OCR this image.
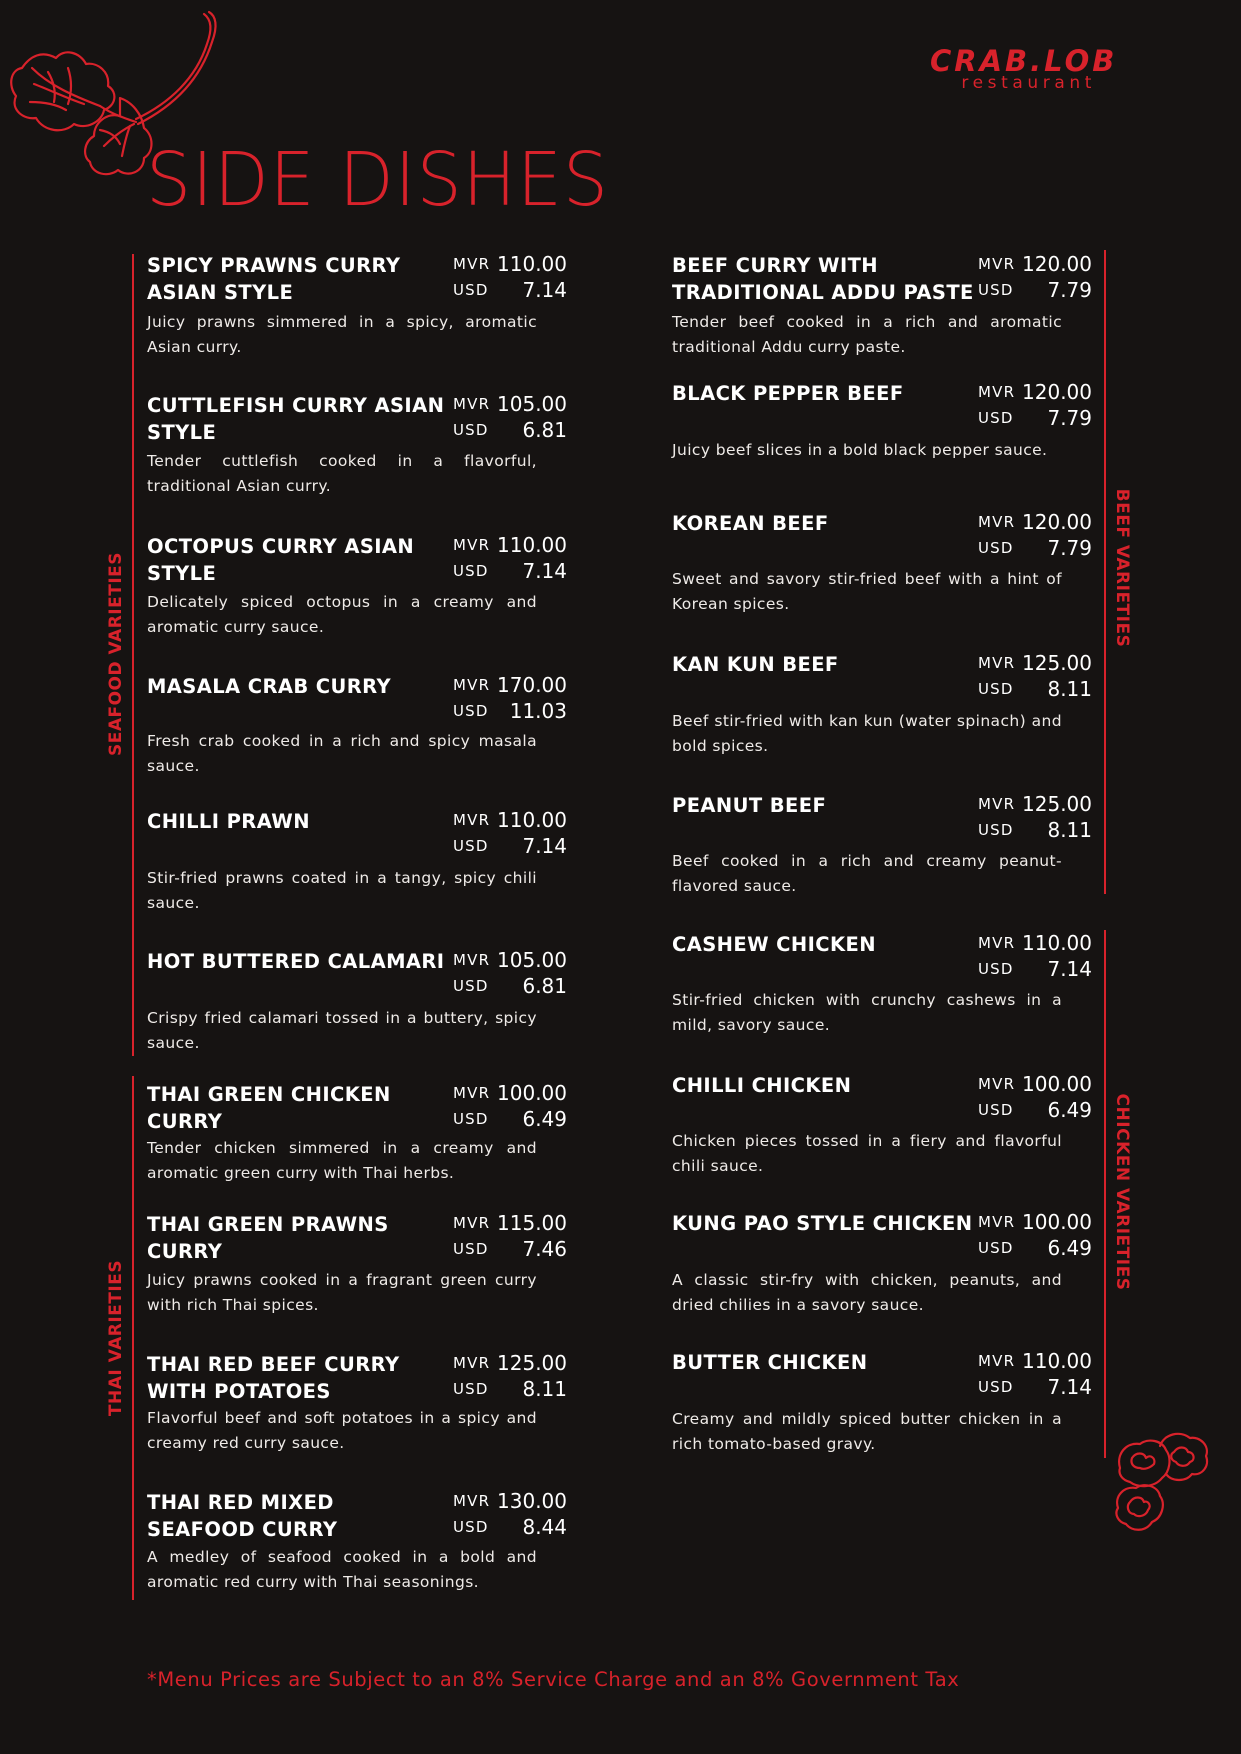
CRAB.LOB
restaurant
SIDE DISHES
SEAFOOD VARIETIES
THAI VARIETIES
BEEF VARIETIES
CHICKEN VARIETIES
SPICY PRAWNS CURRY ASIAN STYLE
MVR 110.00
USD 7.14
Juicy prawns simmered in a spicy, aromatic Asian curry.
CUTTLEFISH CURRY ASIAN STYLE
MVR 105.00
USD 6.81
Tender cuttlefish cooked in a flavorful, traditional Asian curry.
OCTOPUS CURRY ASIAN STYLE
MVR 110.00
USD 7.14
Delicately spiced octopus in a creamy and aromatic curry sauce.
MASALA CRAB CURRY	MVR 170.00
USD 11.03
Fresh crab cooked in a rich and spicy masala sauce.
CHILLI PRAWN	MVR 110.00
USD 7.14
Stir-fried prawns coated in a tangy, spicy chili sauce.
HOT BUTTERED CALAMARI MVR 105.00
USD 6.81
Crispy fried calamari tossed in a buttery, spicy sauce.
THAI GREEN CHICKEN CURRY
MVR 100.00
USD 6.49
Tender chicken simmered in a creamy and aromatic green curry with Thai herbs.
THAI GREEN PRAWNS CURRY
MVR 115.00
USD 7.46
Juicy prawns cooked in a fragrant green curry with rich Thai spices.
THAI RED BEEF CURRY WITH POTATOES
MVR 125.00
USD 8.11
Flavorful beef and soft potatoes in a spicy and creamy red curry sauce.
THAI RED MIXED SEAFOOD CURRY
MVR 130.00
USD 8.44
A medley of seafood cooked in a bold and aromatic red curry with Thai seasonings.
BEEF CURRY WITH TRADITIONAL ADDU PASTE
MVR 120.00
USD 7.79
Tender beef cooked in a rich and aromatic traditional Addu curry paste.
BLACK PEPPER BEEF	MVR 120.00
USD 7.79
Juicy beef slices in a bold black pepper sauce.
KOREAN BEEF	MVR 120.00
USD 7.79
Sweet and savory stir-fried beef with a hint of Korean spices.
KAN KUN BEEF	MVR 125.00
USD 8.11
Beef stir-fried with kan kun (water spinach) and bold spices.
PEANUT BEEF	MVR 125.00
USD 8.11
Beef cooked in a rich and creamy peanut-flavored sauce.
CASHEW CHICKEN	MVR 110.00
USD 7.14
Stir-fried chicken with crunchy cashews in a mild, savory sauce.
CHILLI CHICKEN	MVR 100.00
USD 6.49
Chicken pieces tossed in a fiery and flavorful chili sauce.
KUNG PAO STYLE CHICKEN MVR 100.00
USD 6.49
A classic stir-fry with chicken, peanuts, and dried chilies in a savory sauce.
BUTTER CHICKEN	MVR 110.00
USD 7.14
Creamy and mildly spiced butter chicken in a rich tomato-based gravy.
*Menu Prices are Subject to an 8% Service Charge and an 8% Government Tax
